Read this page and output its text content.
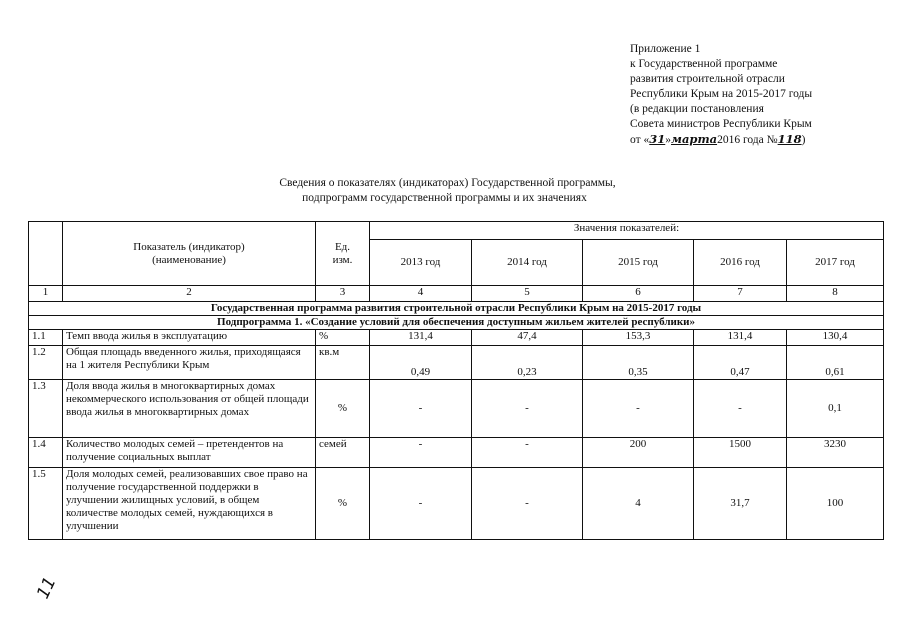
Приложение 1
к Государственной программе
развития строительной отрасли
Республики Крым на 2015-2017 годы
(в редакции постановления
Совета министров Республики Крым
от «31»марта2016 года №118)
Сведения о показателях (индикаторах) Государственной программы,
подпрограмм государственной программы и их значениях
	Показатель (индикатор) (наименование)	Ед. изм.	Значения показателей:				
			2013 год	2014 год	2015 год	2016 год	2017 год
1	2	3	4	5	6	7	8
Государственная программа развития строительной отрасли Республики Крым на 2015-2017 годы							
Подпрограмма 1. «Создание условий для обеспечения доступным жильем жителей республики»							
1.1	Темп ввода жилья в эксплуатацию	%	131,4	47,4	153,3	131,4	130,4
1.2	Общая площадь введенного жилья, приходящаяся на 1 жителя Республики Крым	кв.м	0,49	0,23	0,35	0,47	0,61
1.3	Доля ввода жилья в многоквартирных домах некоммерческого использования от общей площади ввода жилья в многоквартирных домах	%	-	-	-	-	0,1
1.4	Количество молодых семей – претендентов на получение социальных выплат	семей	-	-	200	1500	3230
1.5	Доля молодых семей, реализовавших свое право на получение государственной поддержки в улучшении жилищных условий, в общем количестве молодых семей, нуждающихся в улучшении	%	-	-	4	31,7	100
11
